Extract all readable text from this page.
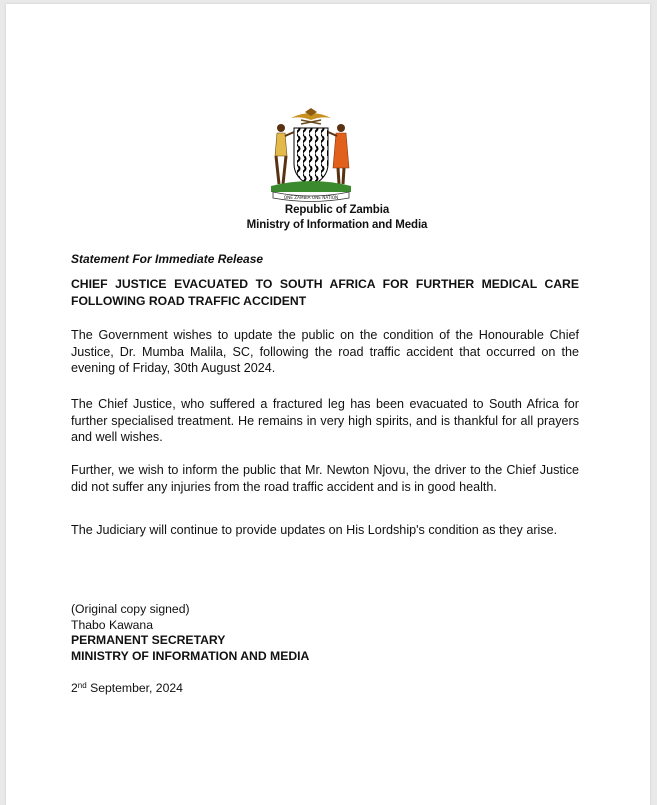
ONE ZAMBIA ONE NATION
Republic of Zambia
Ministry of Information and Media
Statement For Immediate Release
CHIEF JUSTICE EVACUATED TO SOUTH AFRICA FOR FURTHER MEDICAL CARE FOLLOWING ROAD TRAFFIC ACCIDENT
The Government wishes to update the public on the condition of the Honourable Chief Justice, Dr. Mumba Malila, SC, following the road traffic accident that occurred on the evening of Friday, 30th August 2024.
The Chief Justice, who suffered a fractured leg has been evacuated to South Africa for further specialised treatment. He remains in very high spirits, and is thankful for all prayers and well wishes.
Further, we wish to inform the public that Mr. Newton Njovu, the driver to the Chief Justice did not suffer any injuries from the road traffic accident and is in good health.
The Judiciary will continue to provide updates on His Lordship's condition as they arise.
(Original copy signed)
Thabo Kawana
PERMANENT SECRETARY
MINISTRY OF INFORMATION AND MEDIA
2nd September, 2024
